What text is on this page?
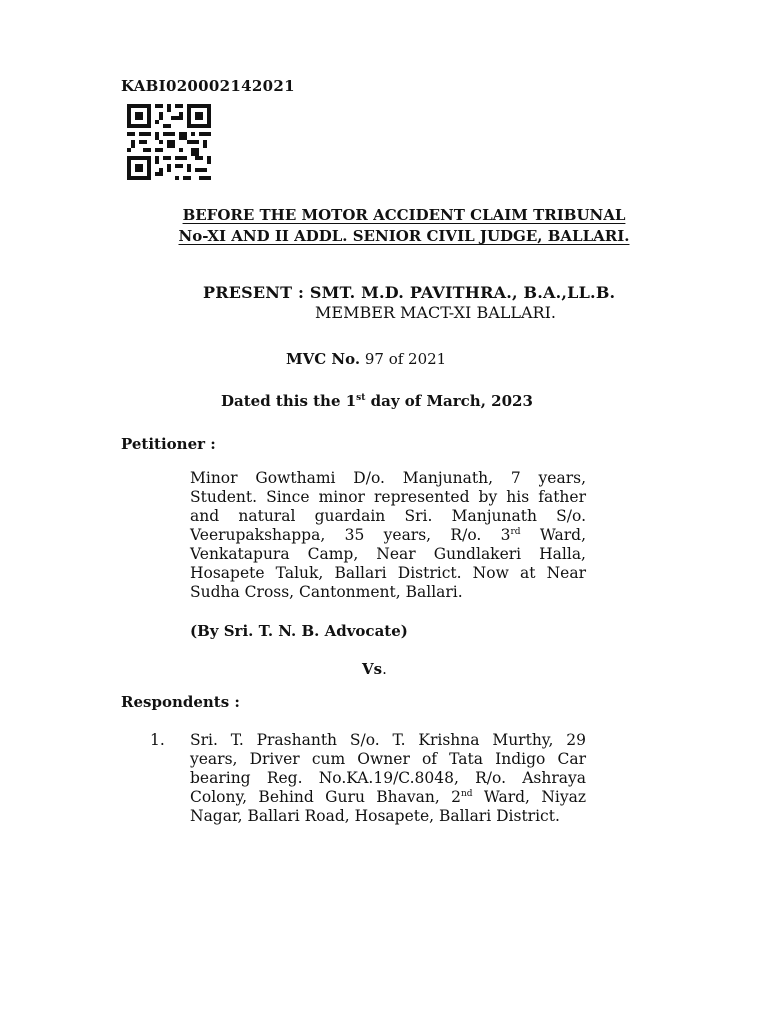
KABI020002142021
BEFORE THE MOTOR ACCIDENT CLAIM TRIBUNAL
No-XI AND II ADDL. SENIOR CIVIL JUDGE, BALLARI.
PRESENT : SMT. M.D. PAVITHRA., B.A.,LL.B.
MEMBER MACT-XI BALLARI.
MVC No. 97 of 2021
Dated this the 1st day of March, 2023
Petitioner :
Minor Gowthami D/o. Manjunath, 7 years,
Student. Since minor represented by his father
and natural guardain Sri. Manjunath S/o.
Veerupakshappa, 35 years, R/o. 3rd Ward,
Venkatapura Camp, Near Gundlakeri Halla,
Hosapete Taluk, Ballari District. Now at Near
Sudha Cross, Cantonment, Ballari.
(By Sri. T. N. B. Advocate)
Vs.
Respondents :
1. Sri. T. Prashanth S/o. T. Krishna Murthy, 29
years, Driver cum Owner of Tata Indigo Car
bearing Reg. No.KA.19/C.8048, R/o. Ashraya
Colony, Behind Guru Bhavan, 2nd Ward, Niyaz
Nagar, Ballari Road, Hosapete, Ballari District.
